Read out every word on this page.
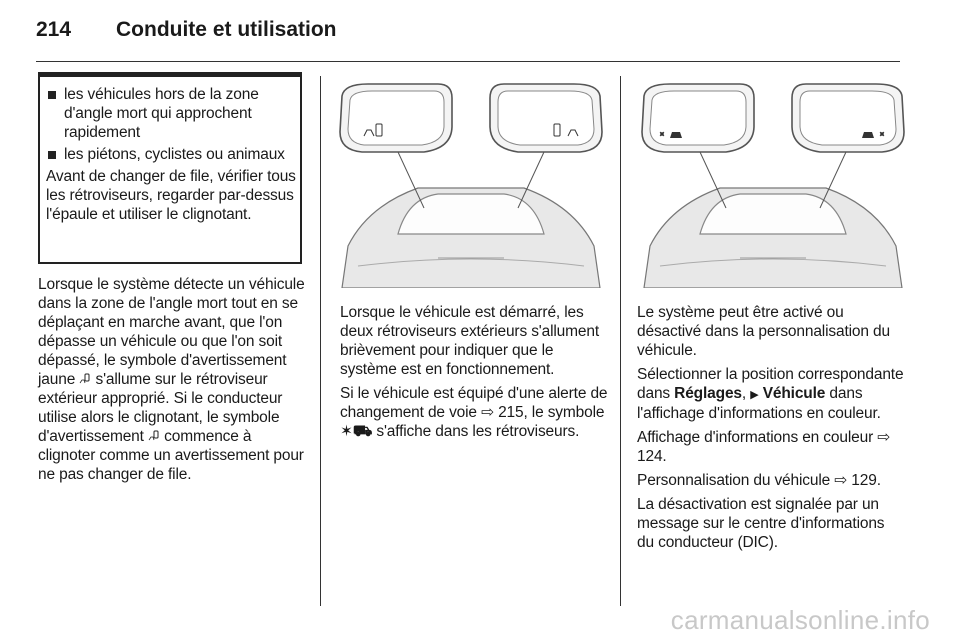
214	Conduite et utilisation
les véhicules hors de la zone d'angle mort qui approchent rapidement
les piétons, cyclistes ou animaux

Avant de changer de file, vérifier tous les rétroviseurs, regarder par-dessus l'épaule et utiliser le clignotant.

Lorsque le système détecte un véhicule dans la zone de l'angle mort tout en se déplaçant en marche avant, que l'on dépasse un véhicule ou que l'on soit dépassé, le symbole d'avertissement jaune  s'allume sur le rétroviseur extérieur approprié. Si le conducteur utilise alors le clignotant, le symbole d'avertissement  commence à clignoter comme un avertissement pour ne pas changer de file.

Lorsque le véhicule est démarré, les deux rétroviseurs extérieurs s'allument brièvement pour indiquer que le système est en fonctionnement.

Si le véhicule est équipé d'une alerte de changement de voie ⇨ 215, le symbole ✶⛟ s'affiche dans les rétroviseurs.

Le système peut être activé ou désactivé dans la personnalisation du véhicule.

Sélectionner la position correspondante dans Réglages, ▶ Véhicule dans l'affichage d'informations en couleur.

Affichage d'informations en couleur ⇨ 124.

Personnalisation du véhicule ⇨ 129.

La désactivation est signalée par un message sur le centre d'informations du conducteur (DIC).

carmanualsonline.info
